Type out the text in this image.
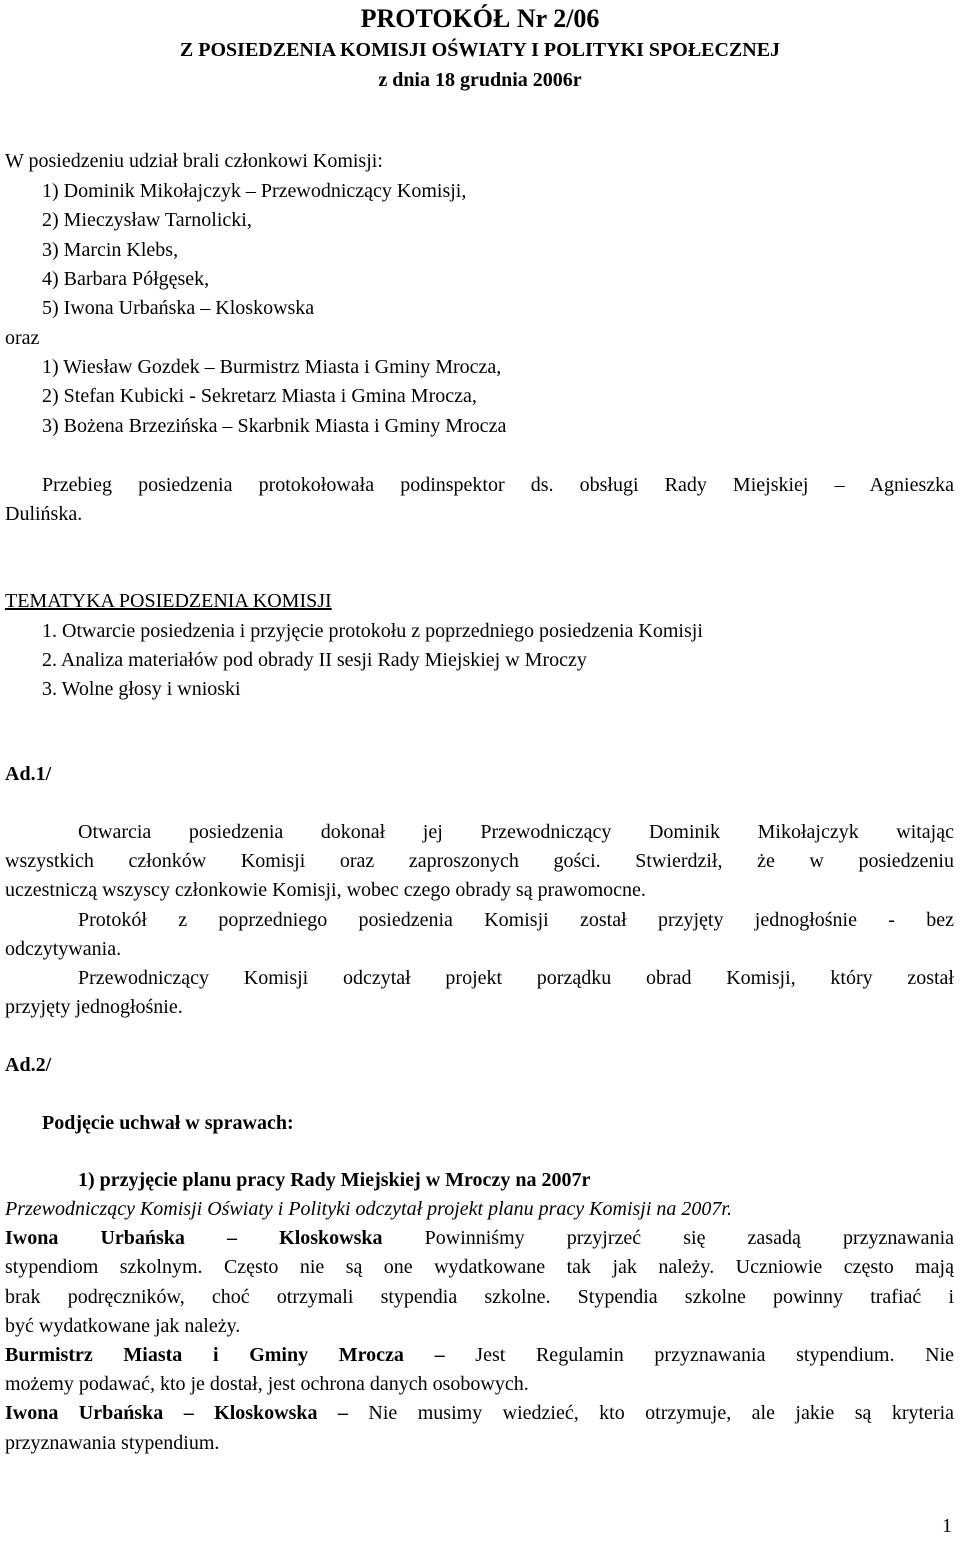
PROTOKÓŁ Nr 2/06
Z POSIEDZENIA KOMISJI OŚWIATY I POLITYKI SPOŁECZNEJ
z dnia 18 grudnia 2006r
W posiedzeniu udział brali członkowi Komisji:
1) Dominik Mikołajczyk – Przewodniczący Komisji,
2) Mieczysław Tarnolicki,
3) Marcin Klebs,
4) Barbara Półgęsek,
5) Iwona Urbańska – Kloskowska
oraz
1) Wiesław Gozdek – Burmistrz Miasta i Gminy Mrocza,
2) Stefan Kubicki - Sekretarz Miasta i Gmina Mrocza,
3) Bożena Brzezińska – Skarbnik Miasta i Gminy Mrocza
Przebieg posiedzenia protokołowała podinspektor ds. obsługi Rady Miejskiej – Agnieszka
Dulińska.
TEMATYKA POSIEDZENIA KOMISJI
1. Otwarcie posiedzenia i przyjęcie protokołu z poprzedniego posiedzenia Komisji
2. Analiza materiałów pod obrady II sesji Rady Miejskiej w Mroczy
3. Wolne głosy i wnioski
Ad.1/
Otwarcia posiedzenia dokonał jej Przewodniczący Dominik Mikołajczyk witając
wszystkich członków Komisji oraz zaproszonych gości. Stwierdził, że w posiedzeniu
uczestniczą wszyscy członkowie Komisji, wobec czego obrady są prawomocne.
Protokół z poprzedniego posiedzenia Komisji został przyjęty jednogłośnie - bez
odczytywania.
Przewodniczący Komisji odczytał projekt porządku obrad Komisji, który został
przyjęty jednogłośnie.
Ad.2/
Podjęcie uchwał w sprawach:
1) przyjęcie planu pracy Rady Miejskiej w Mroczy na 2007r
Przewodniczący Komisji Oświaty i Polityki odczytał projekt planu pracy Komisji na 2007r.
Iwona Urbańska – Kloskowska Powinniśmy przyjrzeć się zasadą przyznawania
stypendiom szkolnym. Często nie są one wydatkowane tak jak należy. Uczniowie często mają
brak podręczników, choć otrzymali stypendia szkolne. Stypendia szkolne powinny trafiać i
być wydatkowane jak należy.
Burmistrz Miasta i Gminy Mrocza – Jest Regulamin przyznawania stypendium. Nie
możemy podawać, kto je dostał, jest ochrona danych osobowych.
Iwona Urbańska – Kloskowska – Nie musimy wiedzieć, kto otrzymuje, ale jakie są kryteria
przyznawania stypendium.
1
